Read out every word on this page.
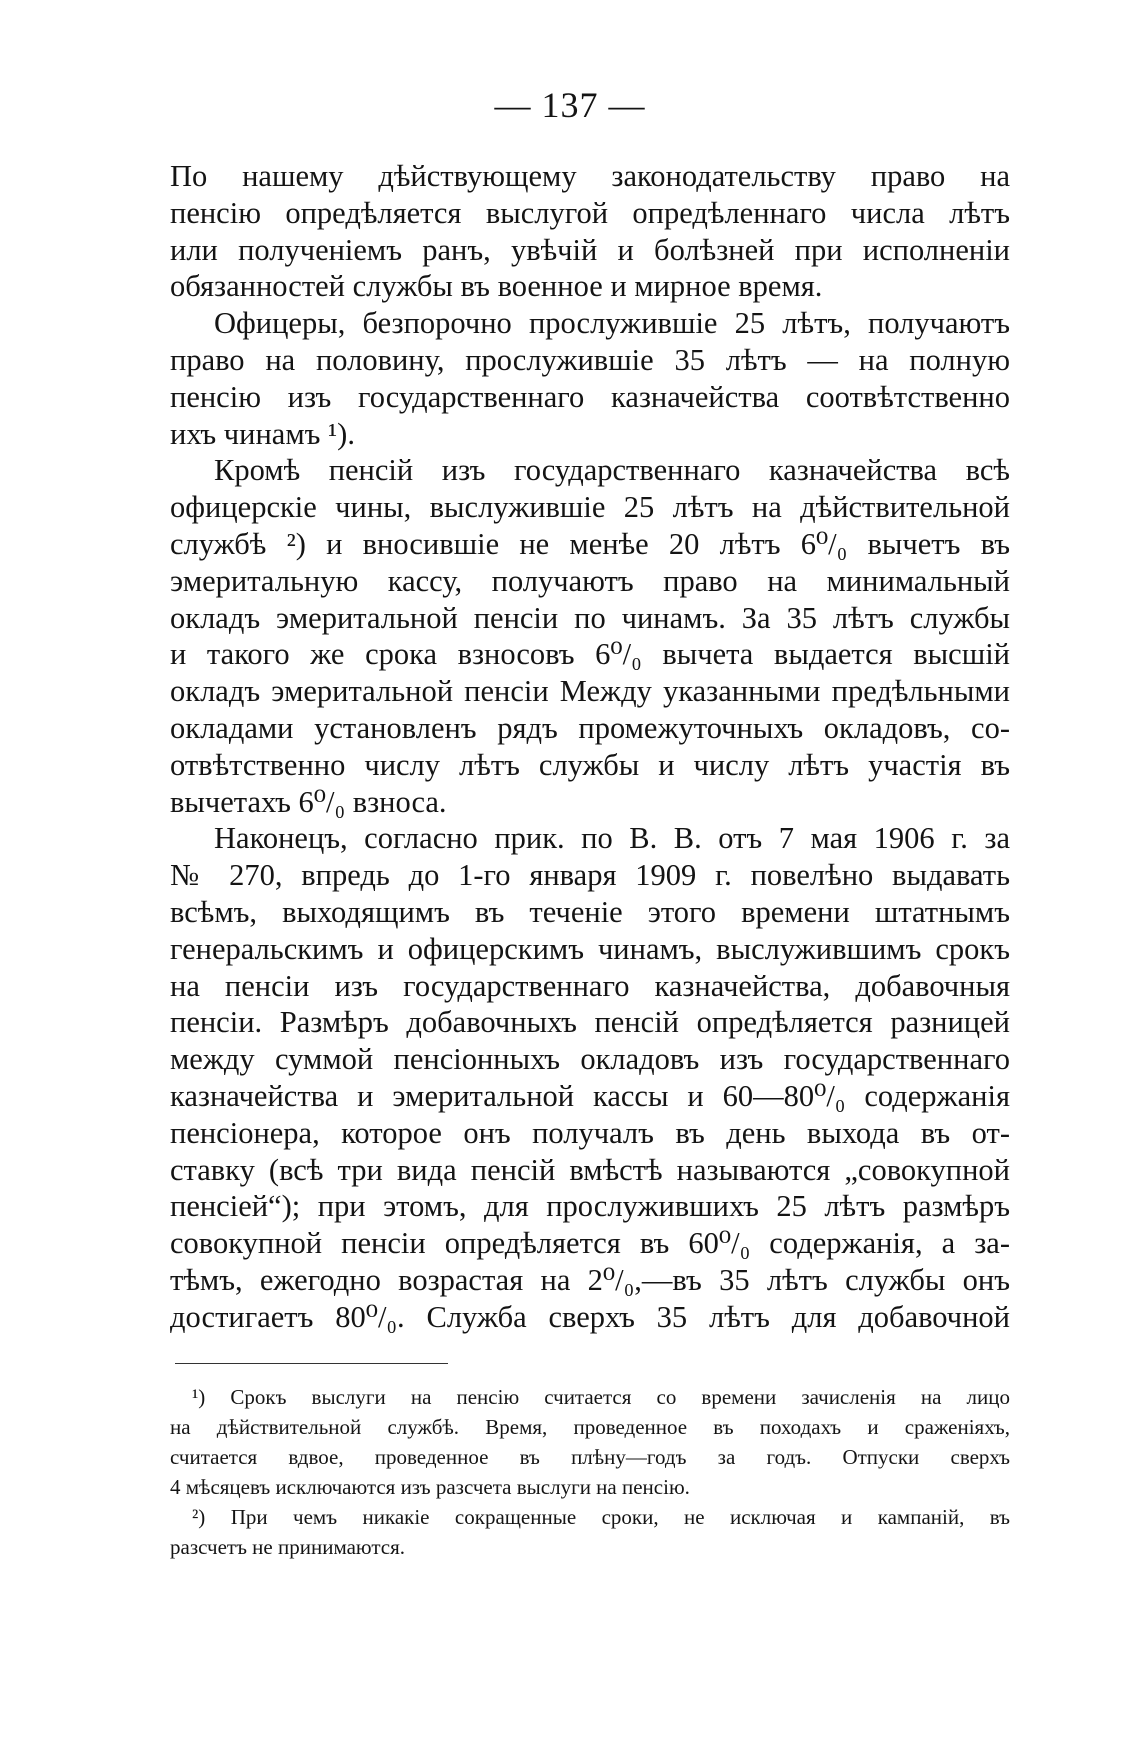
— 137 —
По нашему дѣйствующему законодательству право на
пенсію опредѣляется выслугой опредѣленнаго числа лѣтъ
или полученіемъ ранъ, увѣчій и болѣзней при исполненіи
обязанностей службы въ военное и мирное время.
Офицеры, безпорочно прослужившіе 25 лѣтъ, получаютъ
право на половину, прослужившіе 35 лѣтъ — на полную
пенсію изъ государственнаго казначейства соотвѣтственно
ихъ чинамъ ¹).
Кромѣ пенсій изъ государственнаго казначейства всѣ
офицерскіе чины, выслужившіе 25 лѣтъ на дѣйствительной
службѣ ²) и вносившіе не менѣе 20 лѣтъ 6⁰/₀ вычетъ въ
эмеритальную кассу, получаютъ право на минимальный
окладъ эмеритальной пенсіи по чинамъ. За 35 лѣтъ службы
и такого же срока взносовъ 6⁰/₀ вычета выдается высшій
окладъ эмеритальной пенсіи Между указанными предѣльными
окладами установленъ рядъ промежуточныхъ окладовъ, со-
отвѣтственно числу лѣтъ службы и числу лѣтъ участія въ
вычетахъ 6⁰/₀ взноса.
Наконецъ, согласно прик. по В. В. отъ 7 мая 1906 г. за
№ 270, впредь до 1-го января 1909 г. повелѣно выдавать
всѣмъ, выходящимъ въ теченіе этого времени штатнымъ
генеральскимъ и офицерскимъ чинамъ, выслужившимъ срокъ
на пенсіи изъ государственнаго казначейства, добавочныя
пенсіи. Размѣръ добавочныхъ пенсій опредѣляется разницей
между суммой пенсіонныхъ окладовъ изъ государственнаго
казначейства и эмеритальной кассы и 60—80⁰/₀ содержанія
пенсіонера, которое онъ получалъ въ день выхода въ от-
ставку (всѣ три вида пенсій вмѣстѣ называются „совокупной
пенсіей“); при этомъ, для прослужившихъ 25 лѣтъ размѣръ
совокупной пенсіи опредѣляется въ 60⁰/₀ содержанія, а за-
тѣмъ, ежегодно возрастая на 2⁰/₀,—въ 35 лѣтъ службы онъ
достигаетъ 80⁰/₀. Служба сверхъ 35 лѣтъ для добавочной
¹) Срокъ выслуги на пенсію считается со времени зачисленія на лицо
на дѣйствительной службѣ. Время, проведенное въ походахъ и сраженіяхъ,
считается вдвое, проведенное въ плѣну—годъ за годъ. Отпуски сверхъ
4 мѣсяцевъ исключаются изъ разсчета выслуги на пенсію.
²) При чемъ никакіе сокращенные сроки, не исключая и кампаній, въ
разсчетъ не принимаются.
